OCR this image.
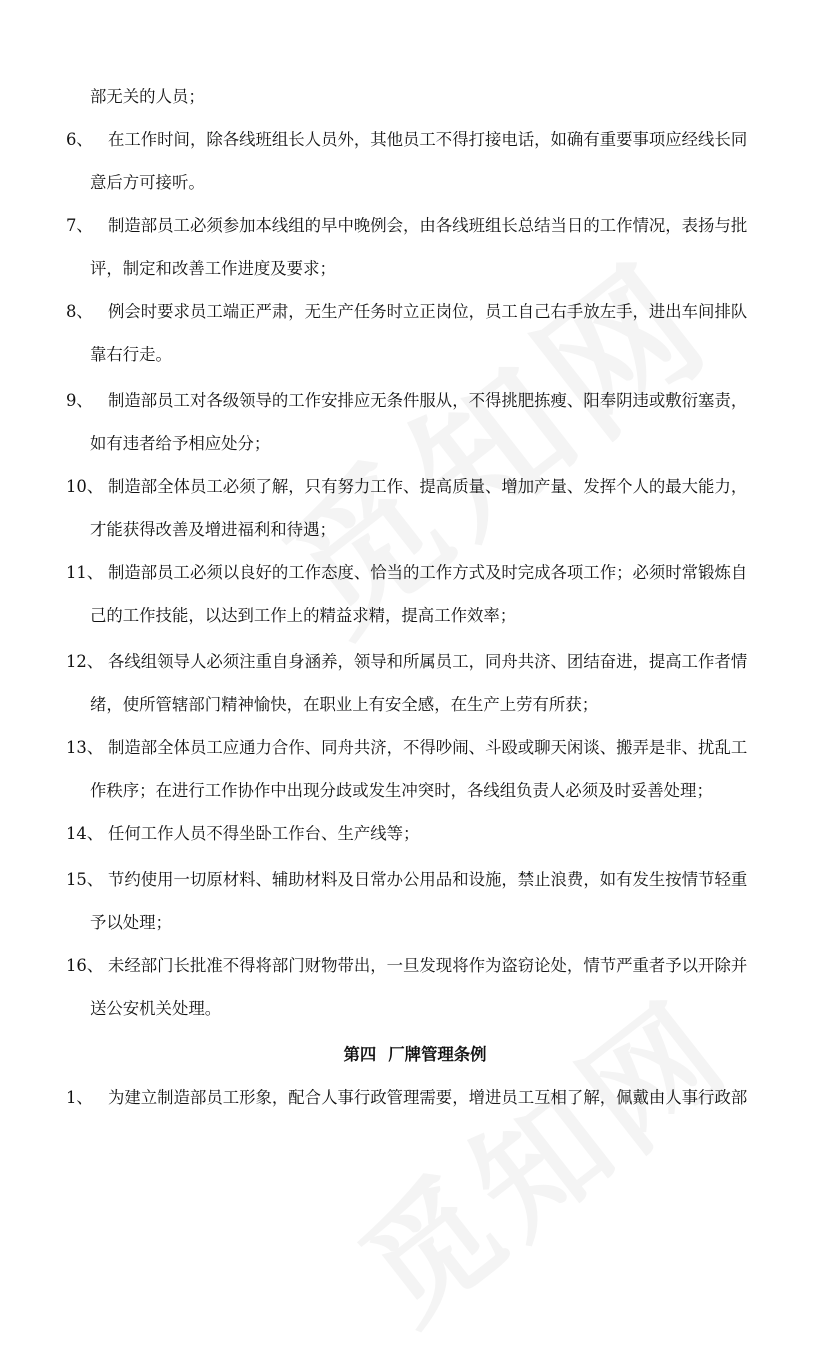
部无关的人员；
6、 在工作时间，除各线班组长人员外，其他员工不得打接电话，如确有重要事项应经线长同
意后方可接听。
7、 制造部员工必须参加本线组的早中晚例会，由各线班组长总结当日的工作情况，表扬与批
评，制定和改善工作进度及要求；
8、 例会时要求员工端正严肃，无生产任务时立正岗位，员工自己右手放左手，进出车间排队
靠右行走。
9、 制造部员工对各级领导的工作安排应无条件服从，不得挑肥拣瘦、阳奉阴违或敷衍塞责，
如有违者给予相应处分；
10、 制造部全体员工必须了解，只有努力工作、提高质量、增加产量、发挥个人的最大能力，
才能获得改善及增进福利和待遇；
11、 制造部员工必须以良好的工作态度、恰当的工作方式及时完成各项工作；必须时常锻炼自
己的工作技能，以达到工作上的精益求精，提高工作效率；
12、 各线组领导人必须注重自身涵养，领导和所属员工，同舟共济、团结奋进，提高工作者情
绪，使所管辖部门精神愉快，在职业上有安全感，在生产上劳有所获；
13、 制造部全体员工应通力合作、同舟共济，不得吵闹、斗殴或聊天闲谈、搬弄是非、扰乱工
作秩序；在进行工作协作中出现分歧或发生冲突时，各线组负责人必须及时妥善处理；
14、 任何工作人员不得坐卧工作台、生产线等；
15、 节约使用一切原材料、辅助材料及日常办公用品和设施，禁止浪费，如有发生按情节轻重
予以处理；
16、 未经部门长批准不得将部门财物带出，一旦发现将作为盗窃论处，情节严重者予以开除并
送公安机关处理。
第四 厂牌管理条例
1、 为建立制造部员工形象，配合人事行政管理需要，增进员工互相了解，佩戴由人事行政部
